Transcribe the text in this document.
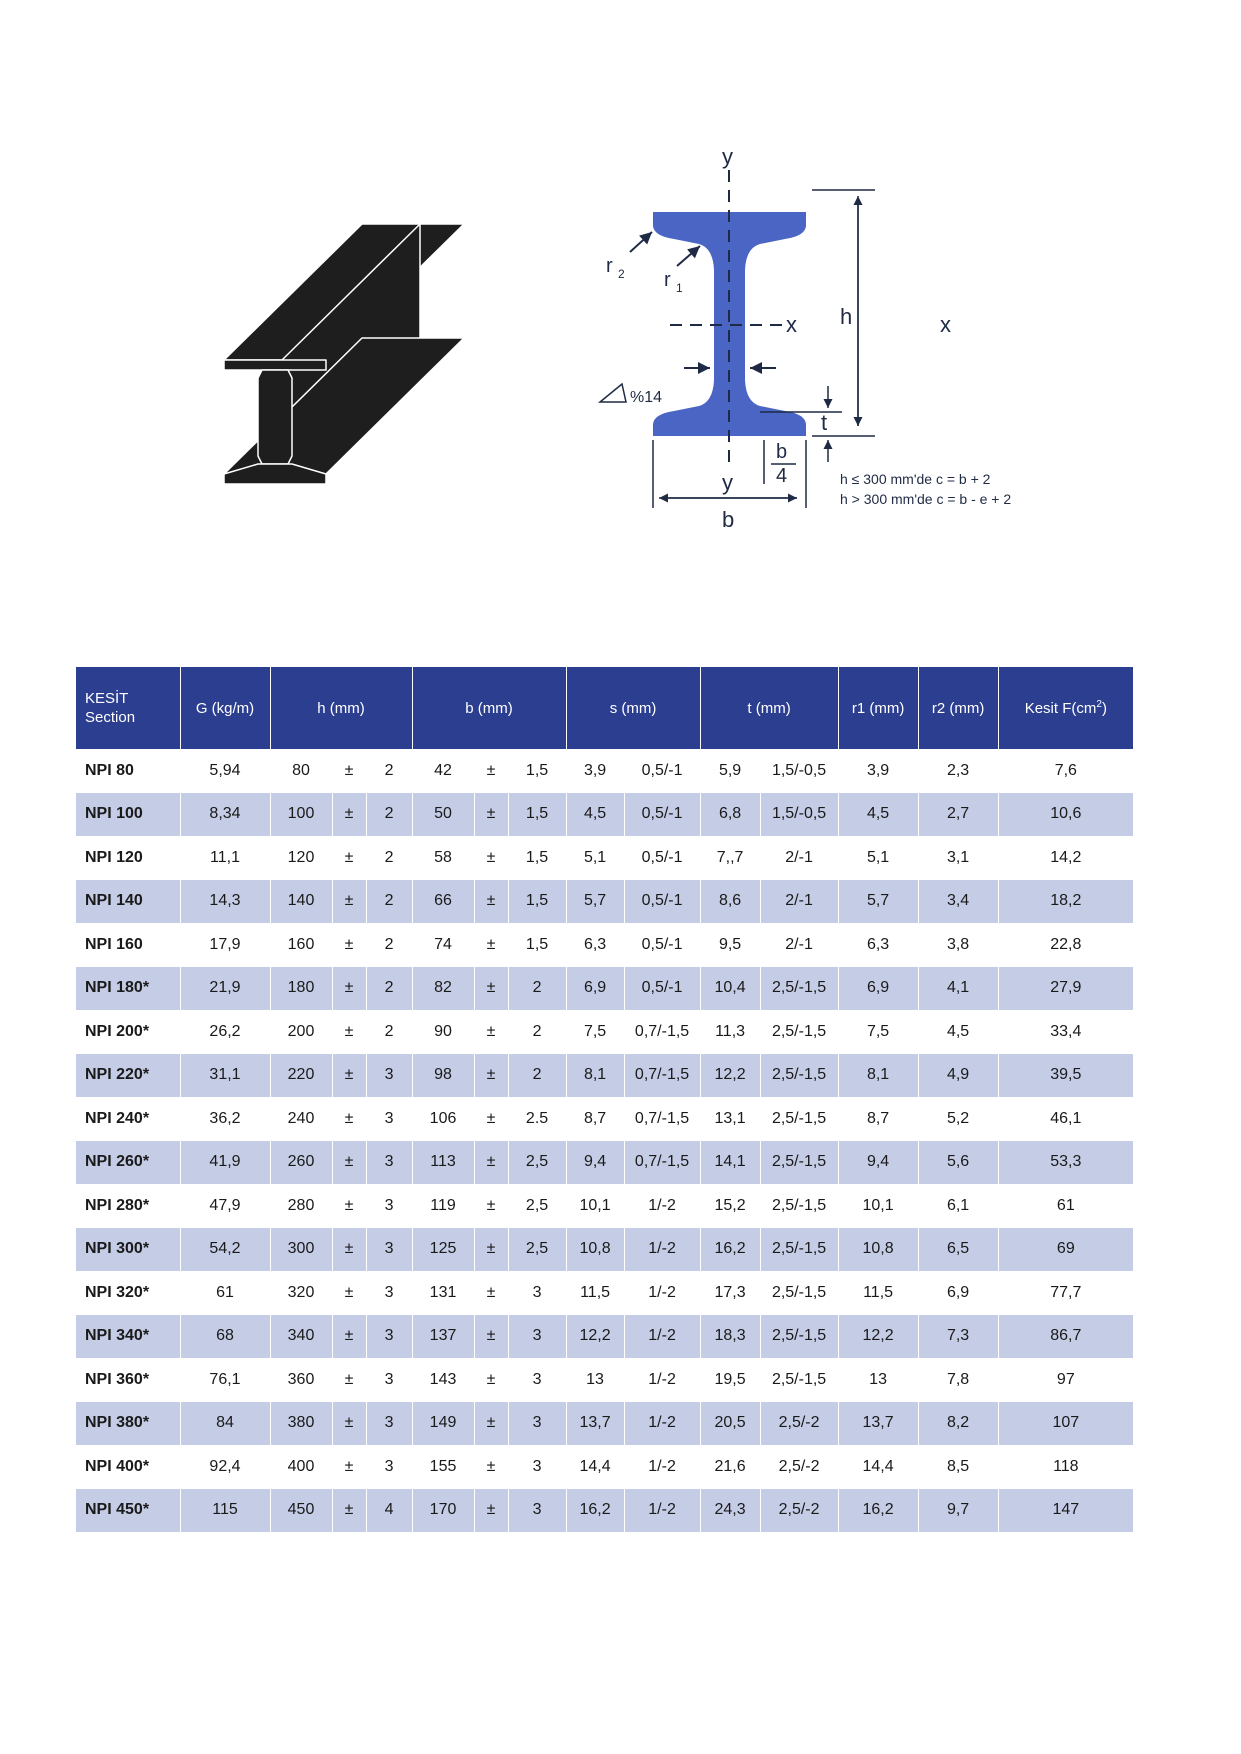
y
y
x	x
r 2 r 1
%14
h
t
b
4
b
h ≤ 300 mm'de c = b + 2
h > 300 mm'de c = b - e + 2
KESİT
Section	G (kg/m)	h (mm)			b (mm)			s (mm)		t (mm)		r1 (mm)	r2 (mm)	Kesit $F(cm^2)$
NPI 80	5,94	80	±	2	42	±	1,5	3,9	0,5/-1	5,9	1,5/-0,5	3,9	2,3	7,6
NPI 100	8,34	100	±	2	50	±	1,5	4,5	0,5/-1	6,8	1,5/-0,5	4,5	2,7	10,6
NPI 120	11,1	120	±	2	58	±	1,5	5,1	0,5/-1	7,,7	2/-1	5,1	3,1	14,2
NPI 140	14,3	140	±	2	66	±	1,5	5,7	0,5/-1	8,6	2/-1	5,7	3,4	18,2
NPI 160	17,9	160	±	2	74	±	1,5	6,3	0,5/-1	9,5	2/-1	6,3	3,8	22,8
NPI 180*	21,9	180	±	2	82	±	2	6,9	0,5/-1	10,4	2,5/-1,5	6,9	4,1	27,9
NPI 200*	26,2	200	±	2	90	±	2	7,5	0,7/-1,5	11,3	2,5/-1,5	7,5	4,5	33,4
NPI 220*	31,1	220	±	3	98	±	2	8,1	0,7/-1,5	12,2	2,5/-1,5	8,1	4,9	39,5
NPI 240*	36,2	240	±	3	106	±	2.5	8,7	0,7/-1,5	13,1	2,5/-1,5	8,7	5,2	46,1
NPI 260*	41,9	260	±	3	113	±	2,5	9,4	0,7/-1,5	14,1	2,5/-1,5	9,4	5,6	53,3
NPI 280*	47,9	280	±	3	119	±	2,5	10,1	1/-2	15,2	2,5/-1,5	10,1	6,1	61
NPI 300*	54,2	300	±	3	125	±	2,5	10,8	1/-2	16,2	2,5/-1,5	10,8	6,5	69
NPI 320*	61	320	±	3	131	±	3	11,5	1/-2	17,3	2,5/-1,5	11,5	6,9	77,7
NPI 340*	68	340	±	3	137	±	3	12,2	1/-2	18,3	2,5/-1,5	12,2	7,3	86,7
NPI 360*	76,1	360	±	3	143	±	3	13	1/-2	19,5	2,5/-1,5	13	7,8	97
NPI 380*	84	380	±	3	149	±	3	13,7	1/-2	20,5	2,5/-2	13,7	8,2	107
NPI 400*	92,4	400	±	3	155	±	3	14,4	1/-2	21,6	2,5/-2	14,4	8,5	118
NPI 450*	115	450	±	4	170	±	3	16,2	1/-2	24,3	2,5/-2	16,2	9,7	147
